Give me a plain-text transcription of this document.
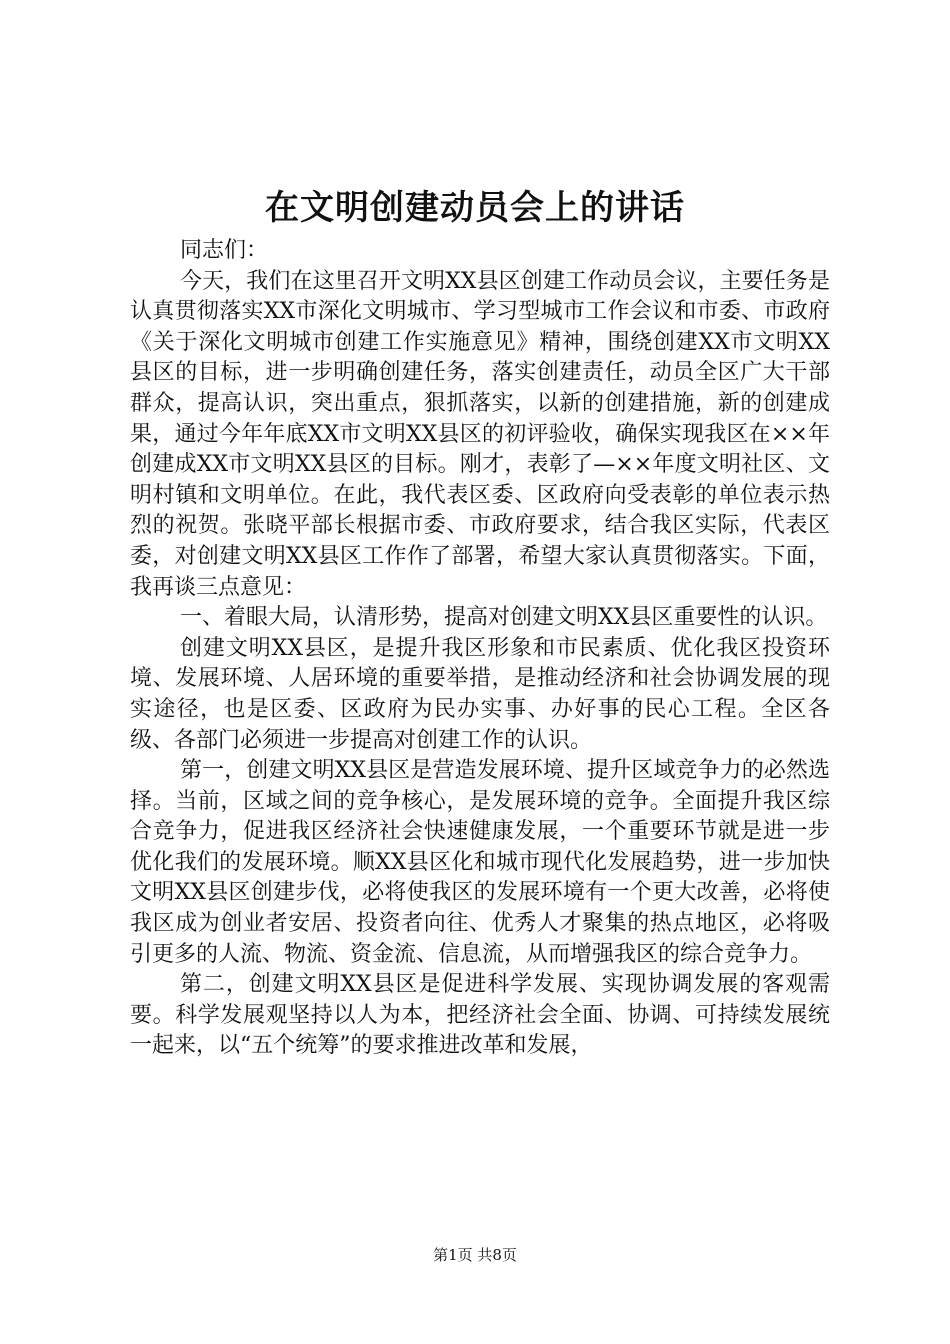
在文明创建动员会上的讲话

同志们：

今天，我们在这里召开文明XX县区创建工作动员会议，主要任务是认真贯彻落实XX市深化文明城市、学习型城市工作会议和市委、市政府《关于深化文明城市创建工作实施意见》精神，围绕创建XX市文明XX县区的目标，进一步明确创建任务，落实创建责任，动员全区广大干部群众，提高认识，突出重点，狠抓落实，以新的创建措施，新的创建成果，通过今年年底XX市文明XX县区的初评验收，确保实现我区在××年创建成XX市文明XX县区的目标。刚才，表彰了—××年度文明社区、文明村镇和文明单位。在此，我代表区委、区政府向受表彰的单位表示热烈的祝贺。张晓平部长根据市委、市政府要求，结合我区实际，代表区委，对创建文明XX县区工作作了部署，希望大家认真贯彻落实。下面，我再谈三点意见：

一、着眼大局，认清形势，提高对创建文明XX县区重要性的认识。

创建文明XX县区，是提升我区形象和市民素质、优化我区投资环境、发展环境、人居环境的重要举措，是推动经济和社会协调发展的现实途径，也是区委、区政府为民办实事、办好事的民心工程。全区各级、各部门必须进一步提高对创建工作的认识。

第一，创建文明XX县区是营造发展环境、提升区域竞争力的必然选择。当前，区域之间的竞争核心，是发展环境的竞争。全面提升我区综合竞争力，促进我区经济社会快速健康发展，一个重要环节就是进一步优化我们的发展环境。顺XX县区化和城市现代化发展趋势，进一步加快文明XX县区创建步伐，必将使我区的发展环境有一个更大改善，必将使我区成为创业者安居、投资者向往、优秀人才聚集的热点地区，必将吸引更多的人流、物流、资金流、信息流，从而增强我区的综合竞争力。

第二，创建文明XX县区是促进科学发展、实现协调发展的客观需要。科学发展观坚持以人为本，把经济社会全面、协调、可持续发展统一起来，以“五个统筹”的要求推进改革和发展，

第1页 共8页
